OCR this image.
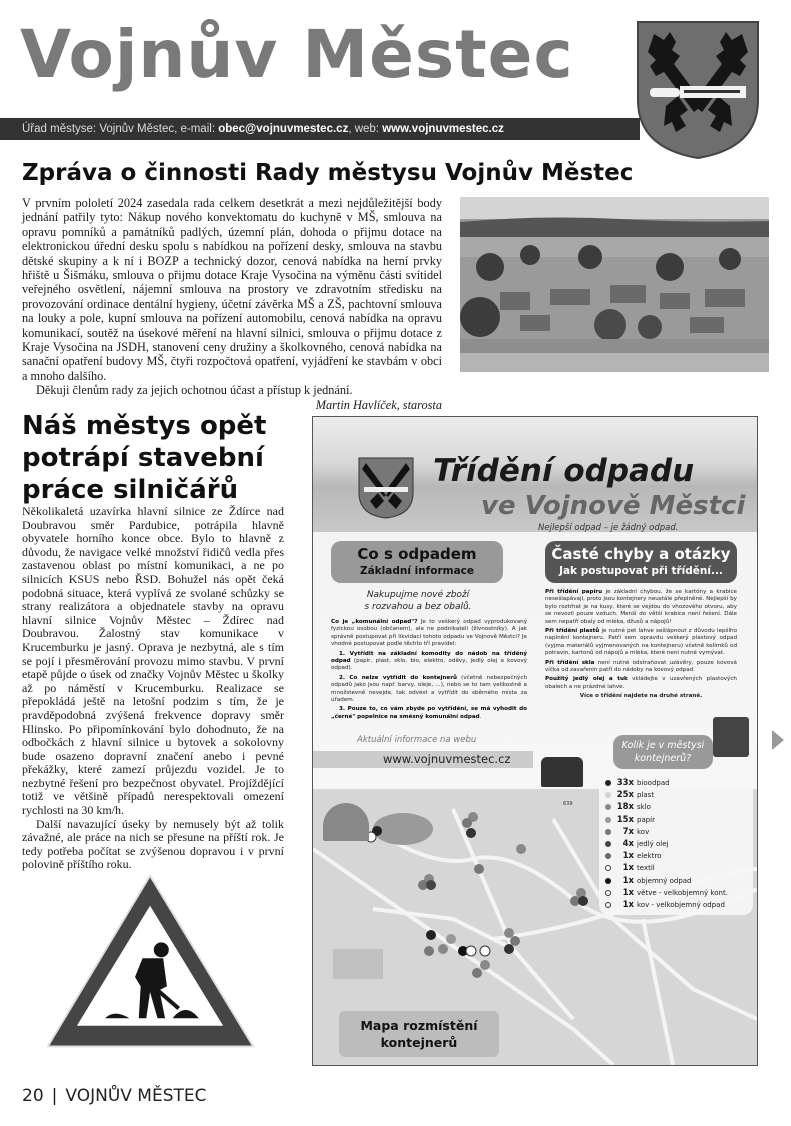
Vojnův Městec
Úřad městyse: Vojnův Městec, e-mail: obec@vojnuvmestec.cz, web: www.vojnuvmestec.cz
Zpráva o činnosti Rady městysu Vojnův Městec

V prvním pololetí 2024 zasedala rada celkem desetkrát a mezi nejdůležitější body jednání patřily tyto: Nákup nového konvektomatu do kuchyně v MŠ, smlouva na opravu pomníků a památníků padlých, územní plán, dohoda o přijmu dotace na elektronickou úřední desku spolu s nabídkou na pořízení desky, smlouva na stavbu dětské skupiny a k ní i BOZP a technický dozor, cenová nabídka na herní prvky hřiště u Šišmáku, smlouva o přijmu dotace Kraje Vysočina na výměnu části svítidel veřejného osvětlení, nájemní smlouva na prostory ve zdravotním středisku na provozování ordinace dentální hygieny, účetní závěrka MŠ a ZŠ, pachtovní smlouva na louky a pole, kupní smlouva na pořízení automobilu, cenová nabídka na opravu komunikací, soutěž na úsekové měření na hlavní silnici, smlouva o přijmu dotace z Kraje Vysočina na JSDH, stanovení ceny družiny a školkovného, cenová nabídka na sanační opatření budovy MŠ, čtyři rozpočtová opatření, vyjádření ke stavbám v obci a mnoho dalšího.

Děkuji členům rady za jejich ochotnou účast a přístup k jednání.

Martin Havlíček, starosta

Náš městys opět potrápí stavební práce silničářů

Několikaletá uzavírka hlavní silnice ze Ždírce nad Doubravou směr Pardubice, potrápila hlavně obyvatele horního konce obce. Bylo to hlavně z důvodu, že navigace velké množství řidičů vedla přes zastavenou oblast po místní komunikaci, a ne po silnicích KSUS nebo ŘSD. Bohužel nás opět čeká podobná situace, která vyplívá ze svolané schůzky se strany realizátora a objednatele stavby na opravu hlavní silnice Vojnův Městec – Ždírec nad Doubravou. Žalostný stav komunikace v Krucemburku je jasný. Oprava je nezbytná, ale s tím se pojí i přesměrování provozu mimo stavbu. V první etapě půjde o úsek od značky Vojnův Městec u školky až po náměstí v Krucemburku. Realizace se přepokládá ještě na letošní podzim s tím, že je pravděpodobná zvýšená frekvence dopravy směr Hlinsko. Po připomínkování bylo dohodnuto, že na odbočkách z hlavní silnice u bytovek a sokolovny bude osazeno dopravní značení anebo i pevné překážky, které zamezí průjezdu vozidel. Je to nezbytné řešení pro bezpečnost obyvatel. Projíždějící totiž ve většině případů nerespektovali omezení rychlosti na 30 km/h.

Další navazující úseky by nemusely být až tolik závažné, ale práce na nich se přesune na příští rok. Je tedy potřeba počítat se zvýšenou dopravou i v první polovině příštího roku.

Třídění odpadu
ve Vojnově Městci
Nejlepší odpad – je žádný odpad.
Co s odpadem
Základní informace
Časté chyby a otázky
Jak postupovat při třídění...
Nakupujme nové zboží
s rozvahou a bez obalů.

Co je „komunální odpad"? Je to veškerý odpad vyprodukovaný fyzickou osobou (občanem), ale ne podnikateli (živnostníky). A jak správně postupovat při likvidaci tohoto odpadu ve Vojnově Městci? Je vhodné postupovat podle těchto tří pravidel:

1. Vytřídit na základní komodity do nádob na tříděný odpad (papír, plast, sklo, bio, elektro, oděvy, jedlý olej a kovový odpad).

2. Co nelze vytřídit do kontejnerů (včetně nebezpečných odpadů jako jsou např. barvy, oleje, ...), nebo se to tam velikostně a množstevně nevejde, tak odvést a vytřídit do sběrného místa za úřadem.

3. Pouze to, co vám zbyde po vytřídění, se má vyhodit do „černé" popelnice na směsný komunální odpad.

Při třídění papíru je základní chybou, že se kartóny a krabice nesešlapávají, proto jsou kontejnery neustále přeplněné. Nejlepší by bylo roztrhat je na kusy, které se vejdou do vhozového otvoru, aby se nevozil pouze vzduch. Menší do větší krabice není řešení. Dále sem nepatří obaly od mléka, džusů a nápojů!

Při třídění plastů je nutné pet lahve sešlápnout z důvodu lepšího naplnění kontejneru. Patří sem opravdu veškerý plastový odpad (vyjma materiálů vyjmenovaných na kontejneru) včetně kelímků od potravin, kartonů od nápojů a mléka, které není nutné vymývat.

Při třídění skla není nutné odstraňovat uzávěry, pouze kovová víčka od zavařenin patří do nádoby na kovový odpad.

Použitý jedlý olej a tuk vkládejte v uzavřených plastových obalech a ne prázdné lahve.

Více o třídění najdete na druhé straně.

Aktuální informace na webu
www.vojnuvmestec.cz
639
Mapa rozmístění
kontejnerů
33x bioodpad
25x plast
18x sklo
15x papír
7x kov
4x jedlý olej
1x elektro
1x textil
1x objemný odpad
1x větve - velkobjemný kont.
1x kov - velkobjemný odpad
Kolik je v městysi
kontejnerů?
20 | VOJNŮV MĚSTEC
